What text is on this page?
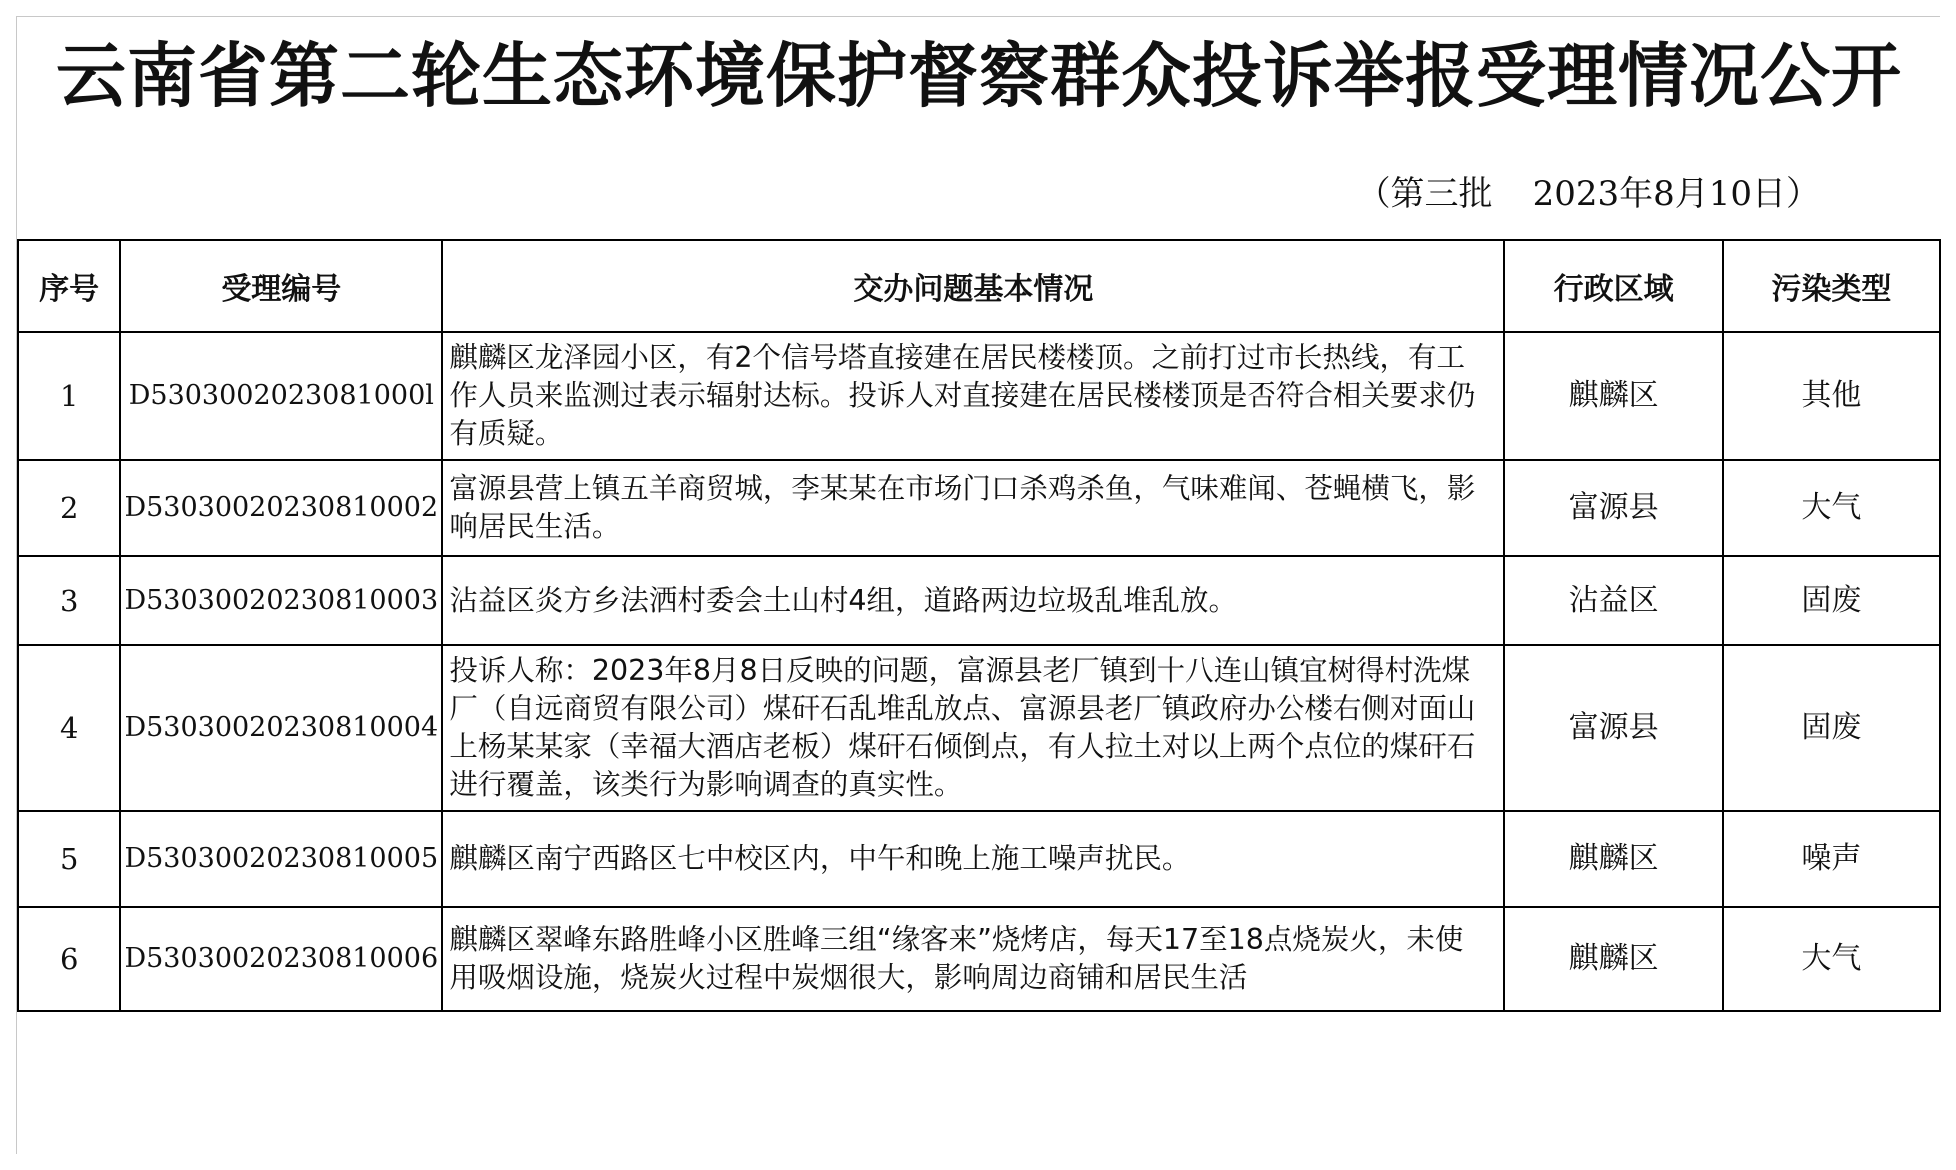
云南省第二轮生态环境保护督察群众投诉举报受理情况公开
（第三批 2023年8月10日）
序号	受理编号	交办问题基本情况	行政区域	污染类型
1	D5303002023081000l	麒麟区龙泽园小区，有2个信号塔直接建在居民楼楼顶。之前打过市长热线，有工作人员来监测过表示辐射达标。投诉人对直接建在居民楼楼顶是否符合相关要求仍有质疑。	麒麟区	其他
2	D53030020230810002	富源县营上镇五羊商贸城，李某某在市场门口杀鸡杀鱼，气味难闻、苍蝇横飞，影响居民生活。	富源县	大气
3	D53030020230810003	沾益区炎方乡法洒村委会土山村4组，道路两边垃圾乱堆乱放。	沾益区	固废
4	D53030020230810004	投诉人称：2023年8月8日反映的问题，富源县老厂镇到十八连山镇宜树得村洗煤厂（自远商贸有限公司）煤矸石乱堆乱放点、富源县老厂镇政府办公楼右侧对面山上杨某某家（幸福大酒店老板）煤矸石倾倒点，有人拉土对以上两个点位的煤矸石进行覆盖，该类行为影响调查的真实性。	富源县	固废
5	D53030020230810005	麒麟区南宁西路区七中校区内，中午和晚上施工噪声扰民。	麒麟区	噪声
6	D53030020230810006	麒麟区翠峰东路胜峰小区胜峰三组“缘客来”烧烤店，每天17至18点烧炭火，未使用吸烟设施，烧炭火过程中炭烟很大，影响周边商铺和居民生活	麒麟区	大气
